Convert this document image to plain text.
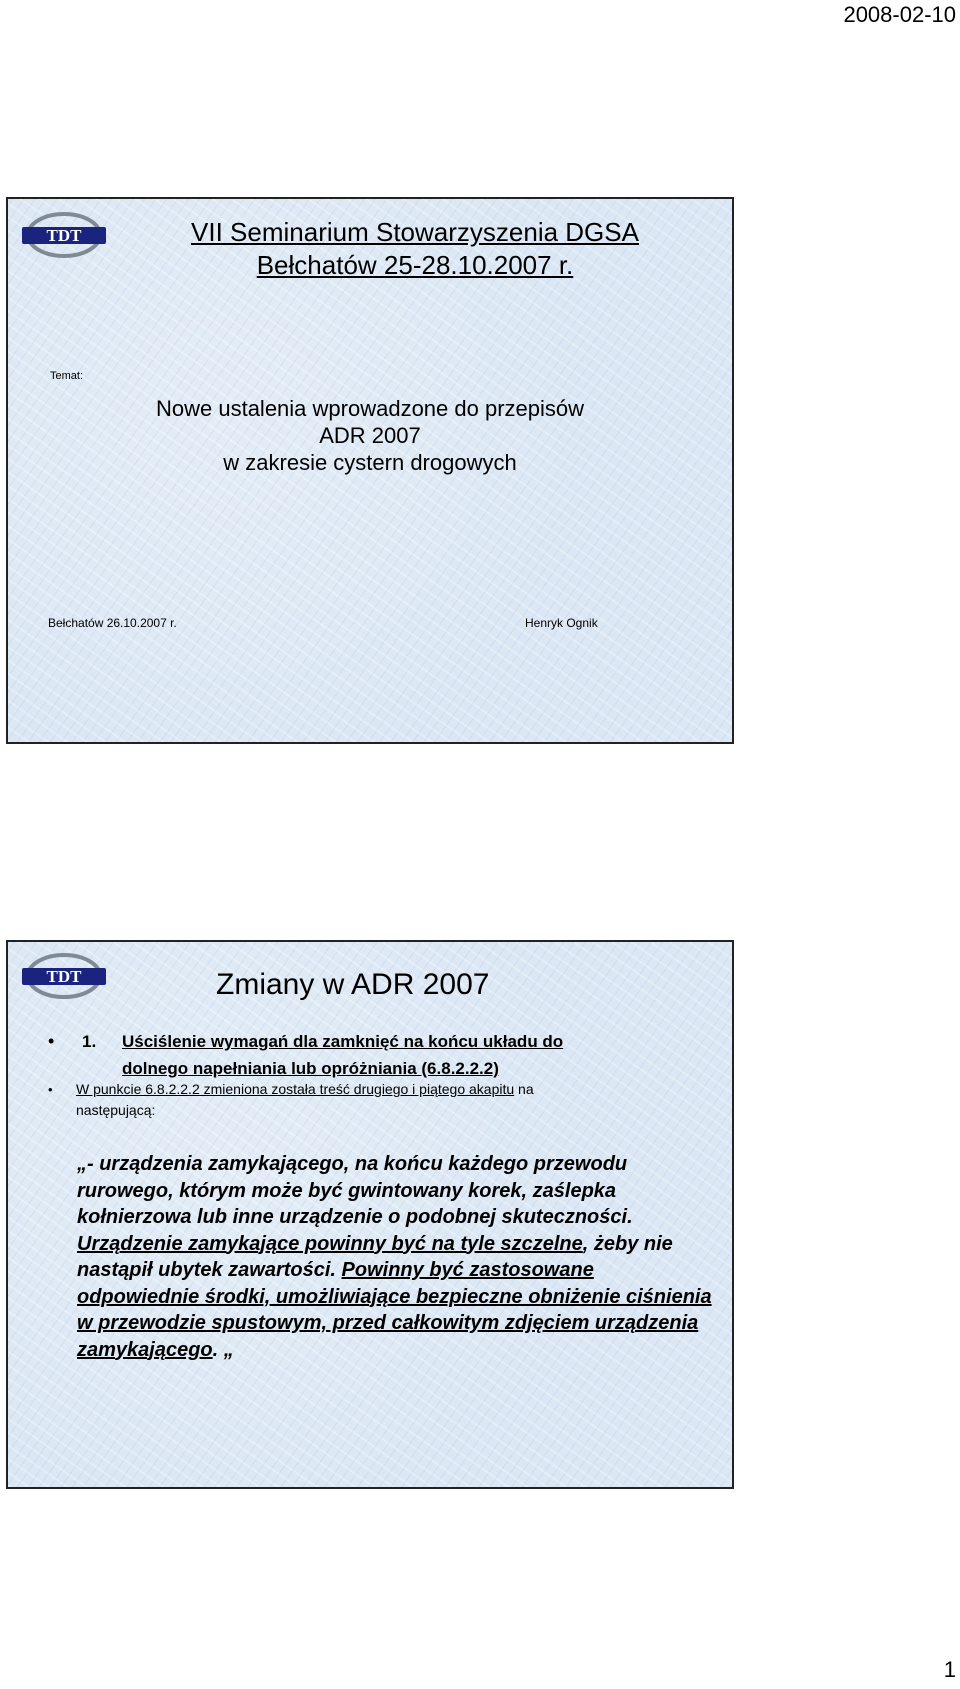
2008-02-10
TDT	VII Seminarium Stowarzyszenia DGSA
Bełchatów 25-28.10.2007 r.
Temat:
Nowe ustalenia wprowadzone do przepisów
ADR 2007
w zakresie cystern drogowych
Bełchatów 26.10.2007 r.	Henryk Ognik
TDT	Zmiany w ADR 2007
• 1. Uściślenie wymagań dla zamknięć na końcu układu do
dolnego napełniania lub opróżniania (6.8.2.2.2)
• W punkcie 6.8.2.2.2 zmieniona została treść drugiego i piątego akapitu na
następującą:
„- urządzenia zamykającego, na końcu każdego przewodu rurowego, którym może być gwintowany korek, zaślepka kołnierzowa lub inne urządzenie o podobnej skuteczności. Urządzenie zamykające powinny być na tyle szczelne, żeby nie nastąpił ubytek zawartości. Powinny być zastosowane odpowiednie środki, umożliwiające bezpieczne obniżenie ciśnienia w przewodzie spustowym, przed całkowitym zdjęciem urządzenia zamykającego. „
1
